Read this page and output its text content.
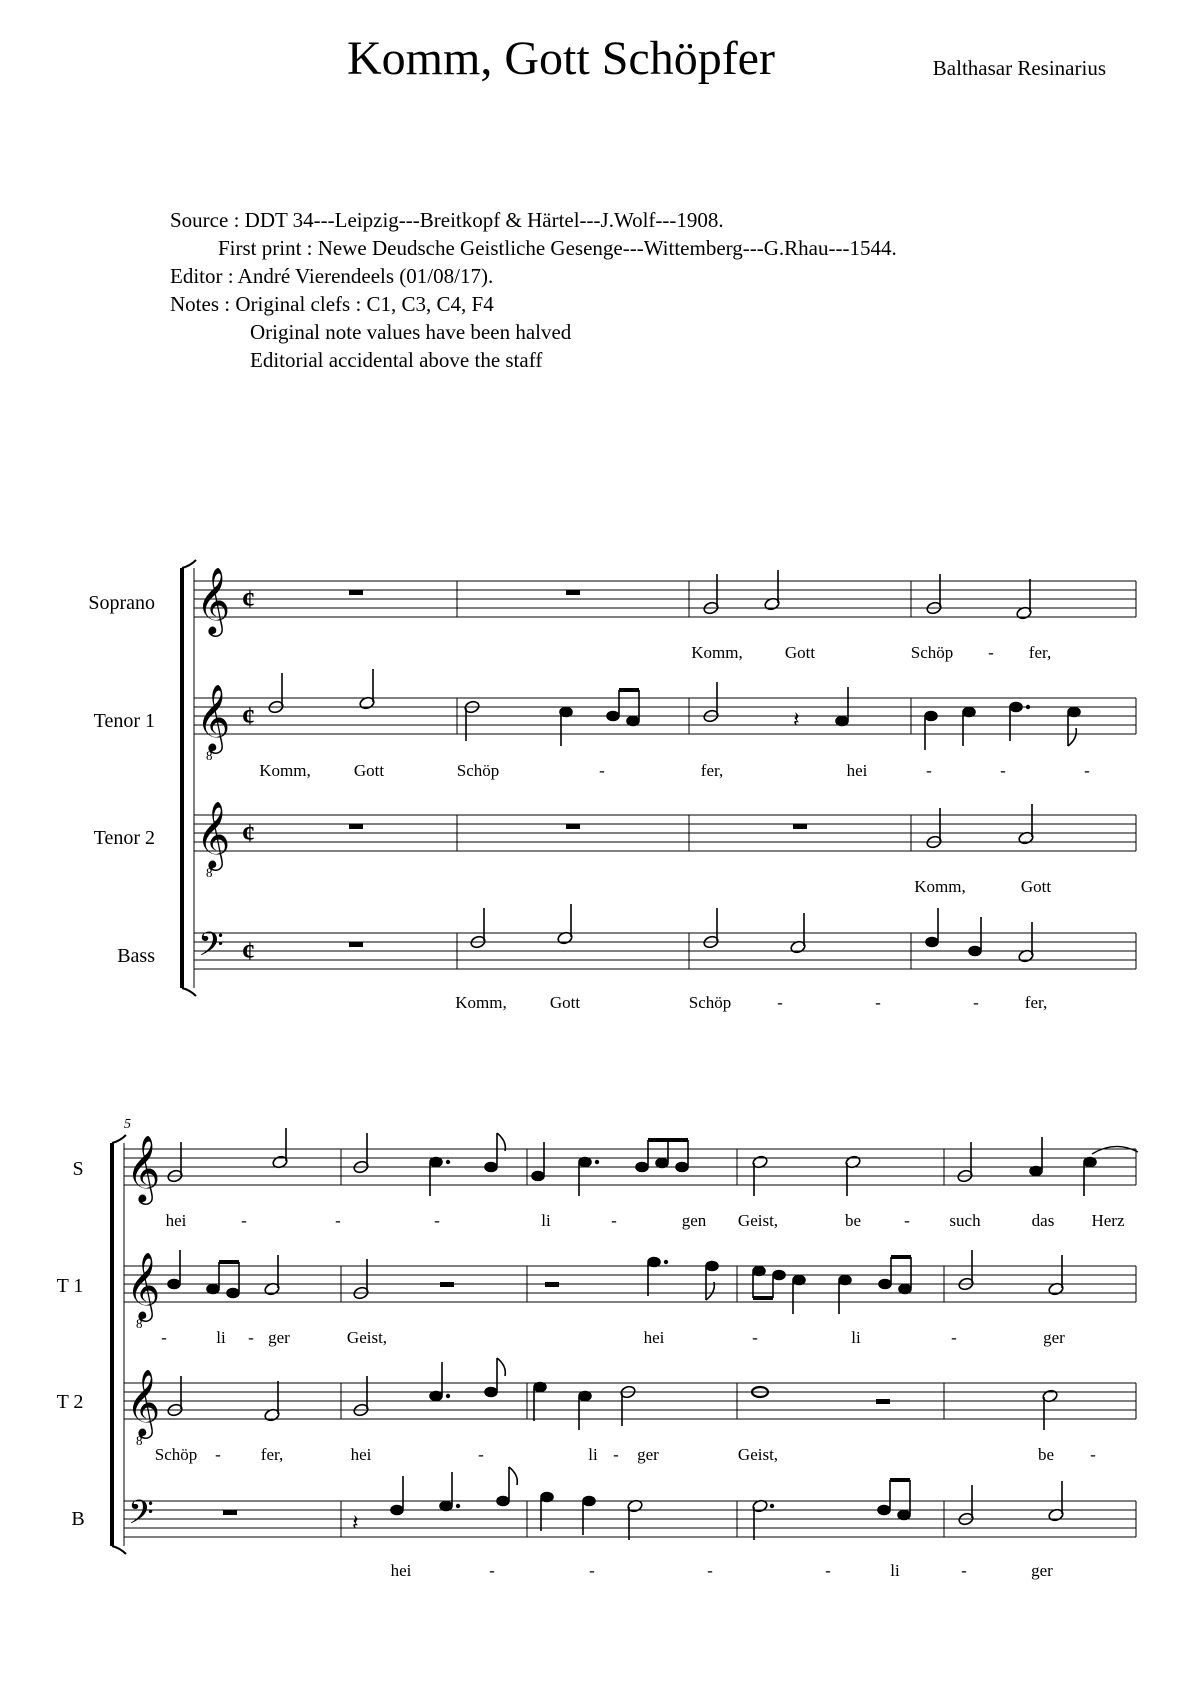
Komm, Gott Schöpfer	Balthasar Resinarius
Source : DDT 34---Leipzig---Breitkopf & Härtel---J.Wolf---1908.
First print : Newe Deudsche Geistliche Gesenge---Wittemberg---G.Rhau---1544.
Editor : André Vierendeels (01/08/17).
Notes : Original clefs : C1, C3, C4, F4
Original note values have been halved
Editorial accidental above the staff
Soprano
Tenor 1
Tenor 2
Bass
𝄞 ¢
Komm, Gott	Schöp - fer,
𝄞
8
¢	𝄽
Komm,	Gott	Schöp	-	fer,	hei	-	-	-
𝄞
8
¢
Komm,	Gott
𝄢 ¢
Komm,	Gott	Schöp	-	-	-	fer,
5
S
T 1
T 2
B
𝄞
hei	-	-	-	li	-	gen Geist,	be	- such	das Herz
𝄞
8
-	li - ger	Geist,	hei	-	li	-	ger
𝄞
8
Schöp - fer,	hei	-	li - ger	Geist,	be -
𝄢	𝄽
hei	-	-	-	-	li	-	ger
